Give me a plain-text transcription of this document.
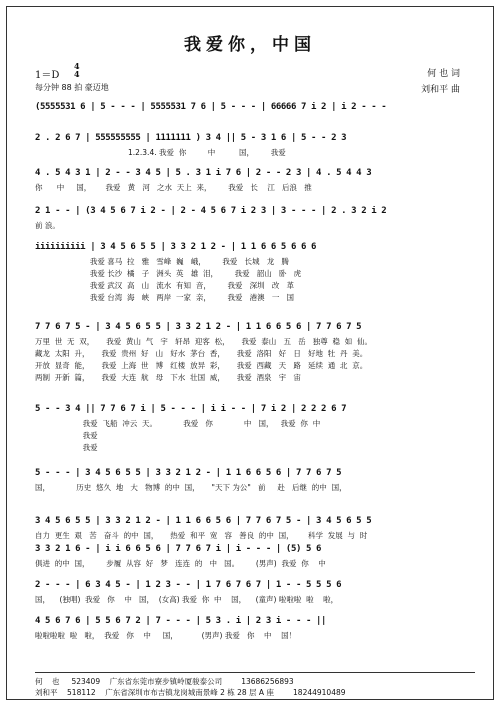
我爱你，中国
1＝D
4
4
每分钟 88 拍 豪迈地
何 也 词
刘和平 曲
(5555531 6 | 5 - - - | 5555531 7 6 | 5 - - - | 66666 7 i 2 | i 2 - - -
2 . 2 6 7 | 555555555 | 1111111 ) 3 4 || 5 - 3 1 6 | 5 - - 2 3
1.2.3.4. 我爱  你         中          国，       我爱
4 . 5 4 3 1 | 2 - - 3 4 5 | 5 . 3 1 i 7 6 | 2 - - 2 3 | 4 . 5 4 4 3
你      中     国，      我爱   黄   河   之水  天上  来，       我爱   长    江   后浪   推
2 1 - - | (3 4 5 6 7 i 2 - | 2 - 4 5 6 7 i 2 3 | 3 - - - | 2 . 3 2 i 2
前 浪。
iiiiiiiiii | 3 4 5 6 5 5 | 3 3 2 1 2 - | 1 1 6 6 5 6 6 6
我爱 喜马  拉   雅   雪峰  巍   峨，       我爱   长城   龙   腾
我爱 长沙  橘   子   洲头  英   雄  泪，       我爱   韶山   卧   虎
我爱 武汉  高   山   流水  有知  音，       我爱   深圳   改   革
我爱 台湾  海   峡   两岸  一家  亲，       我爱   港澳   一   国
7 7 6 7 5 - | 3 4 5 6 5 5 | 3 3 2 1 2 - | 1 1 6 6 5 6 | 7 7 6 7 5
万里  世  无  双，     我爱  黄山  气   宇   轩昂  迎客  松，     我爱  泰山   五   岳   独尊  稳  如  仙。
藏龙  太阳  升，     我爱  贵州  好   山   好水  茅台  香，     我爱  洛阳   好   日   好地  牡  丹  美。
开放  显奇  能，     我爱  上海  世   博   红楼  放异  彩，     我爱  西藏   天   路   延续  通  北  京。
两制  开新  篇，     我爱  大连  航   母   下水  壮国  威，     我爱  酒泉   宇   宙
5 - - 3 4 || 7 7 6 7 i | 5 - - - | i i - - | 7 i 2 | 2 2 2 6 7
我爱  飞船  冲云  天。           我爱   你             中   国，   我爱  你  中
我爱
我爱
5 - - - | 3 4 5 6 5 5 | 3 3 2 1 2 - | 1 1 6 6 5 6 | 7 7 6 7 5
国，           历史  悠久  地   大   物博  的中  国，     "天下 为公"   前     赴   后继  的中  国，
3 4 5 6 5 5 | 3 3 2 1 2 - | 1 1 6 6 5 6 | 7 7 6 7 5 - | 3 4 5 6 5 5
自力  更生  艰   苦   奋斗  的中  国，     热爱  和平  宽   容   善良  的中  国，      科学  发展  与  时
3 3 2 1 6 - | i i 6 6 5 6 | 7 7 6 7 i | i - - - | (5) 5 6
俱进  的中  国，       步履  从容  好   梦   连连  的   中   国。       (男声)  我爱  你    中
2 - - - | 6 3 4 5 - | 1 2 3 - - | 1 7 6 7 6 7 | 1 - - 5 5 5 6
国，    (独唱)  我爱   你    中   国，  (女高) 我爱  你  中    国，    (童声) 啦啦啦  啦    啦，
4 5 6 7 6 | 5 5 6 7 2 | 7 - - - | 5 3 . i | 2 3 i - - - ||
啦啦啦啦  啦   啦，  我爱   你    中     国，          (男声) 我爱   你    中    国！
何    也     523409    广东省东莞市寮步镇岭厦骏泰公司        13686256893
刘和平    518112    广东省深圳市布吉镇龙岗城南景峰 2 栋 28 层 A 座        18244910489
